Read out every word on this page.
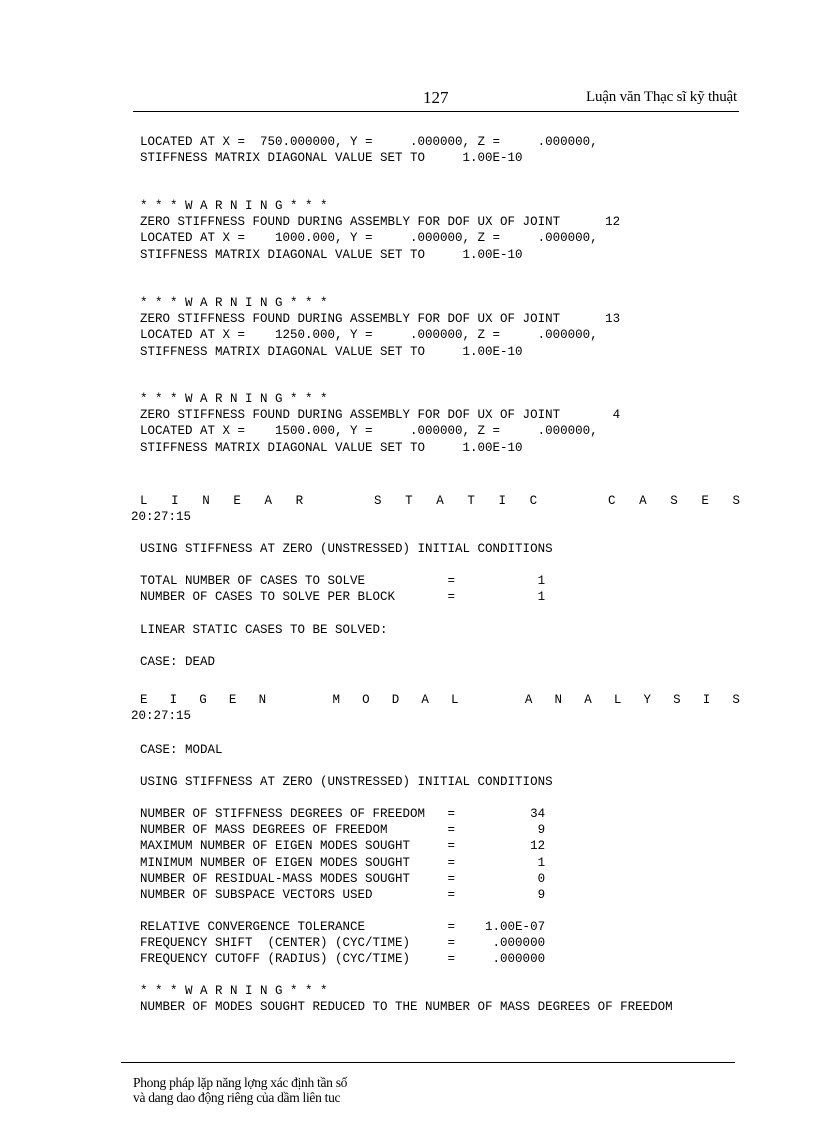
127	Luận văn Thạc sĩ kỹ thuật
LOCATED AT X =  750.000000, Y =     .000000, Z =     .000000,
STIFFNESS MATRIX DIAGONAL VALUE SET TO     1.00E-10
* * * W A R N I N G * * *
ZERO STIFFNESS FOUND DURING ASSEMBLY FOR DOF UX OF JOINT      12
LOCATED AT X =    1000.000, Y =     .000000, Z =     .000000,
STIFFNESS MATRIX DIAGONAL VALUE SET TO     1.00E-10
* * * W A R N I N G * * *
ZERO STIFFNESS FOUND DURING ASSEMBLY FOR DOF UX OF JOINT      13
LOCATED AT X =    1250.000, Y =     .000000, Z =     .000000,
STIFFNESS MATRIX DIAGONAL VALUE SET TO     1.00E-10
* * * W A R N I N G * * *
ZERO STIFFNESS FOUND DURING ASSEMBLY FOR DOF UX OF JOINT       4
LOCATED AT X =    1500.000, Y =     .000000, Z =     .000000,
STIFFNESS MATRIX DIAGONAL VALUE SET TO     1.00E-10
L I N E A R	S T A T I C	C A S E S
20:27:15
USING STIFFNESS AT ZERO (UNSTRESSED) INITIAL CONDITIONS
TOTAL NUMBER OF CASES TO SOLVE           =           1
NUMBER OF CASES TO SOLVE PER BLOCK       =           1
LINEAR STATIC CASES TO BE SOLVED:
CASE: DEAD
E I G E N	M O D A L	A N A L Y S I S
20:27:15
CASE: MODAL
USING STIFFNESS AT ZERO (UNSTRESSED) INITIAL CONDITIONS
NUMBER OF STIFFNESS DEGREES OF FREEDOM   =          34
NUMBER OF MASS DEGREES OF FREEDOM        =           9
MAXIMUM NUMBER OF EIGEN MODES SOUGHT     =          12
MINIMUM NUMBER OF EIGEN MODES SOUGHT     =           1
NUMBER OF RESIDUAL-MASS MODES SOUGHT     =           0
NUMBER OF SUBSPACE VECTORS USED          =           9
RELATIVE CONVERGENCE TOLERANCE           =    1.00E-07
FREQUENCY SHIFT  (CENTER) (CYC/TIME)     =     .000000
FREQUENCY CUTOFF (RADIUS) (CYC/TIME)     =     .000000
* * * W A R N I N G * * *
NUMBER OF MODES SOUGHT REDUCED TO THE NUMBER OF MASS DEGREES OF FREEDOM
Phong pháp lặp năng lợng xác định tần số
và dang dao động riêng của dầm liên tuc
